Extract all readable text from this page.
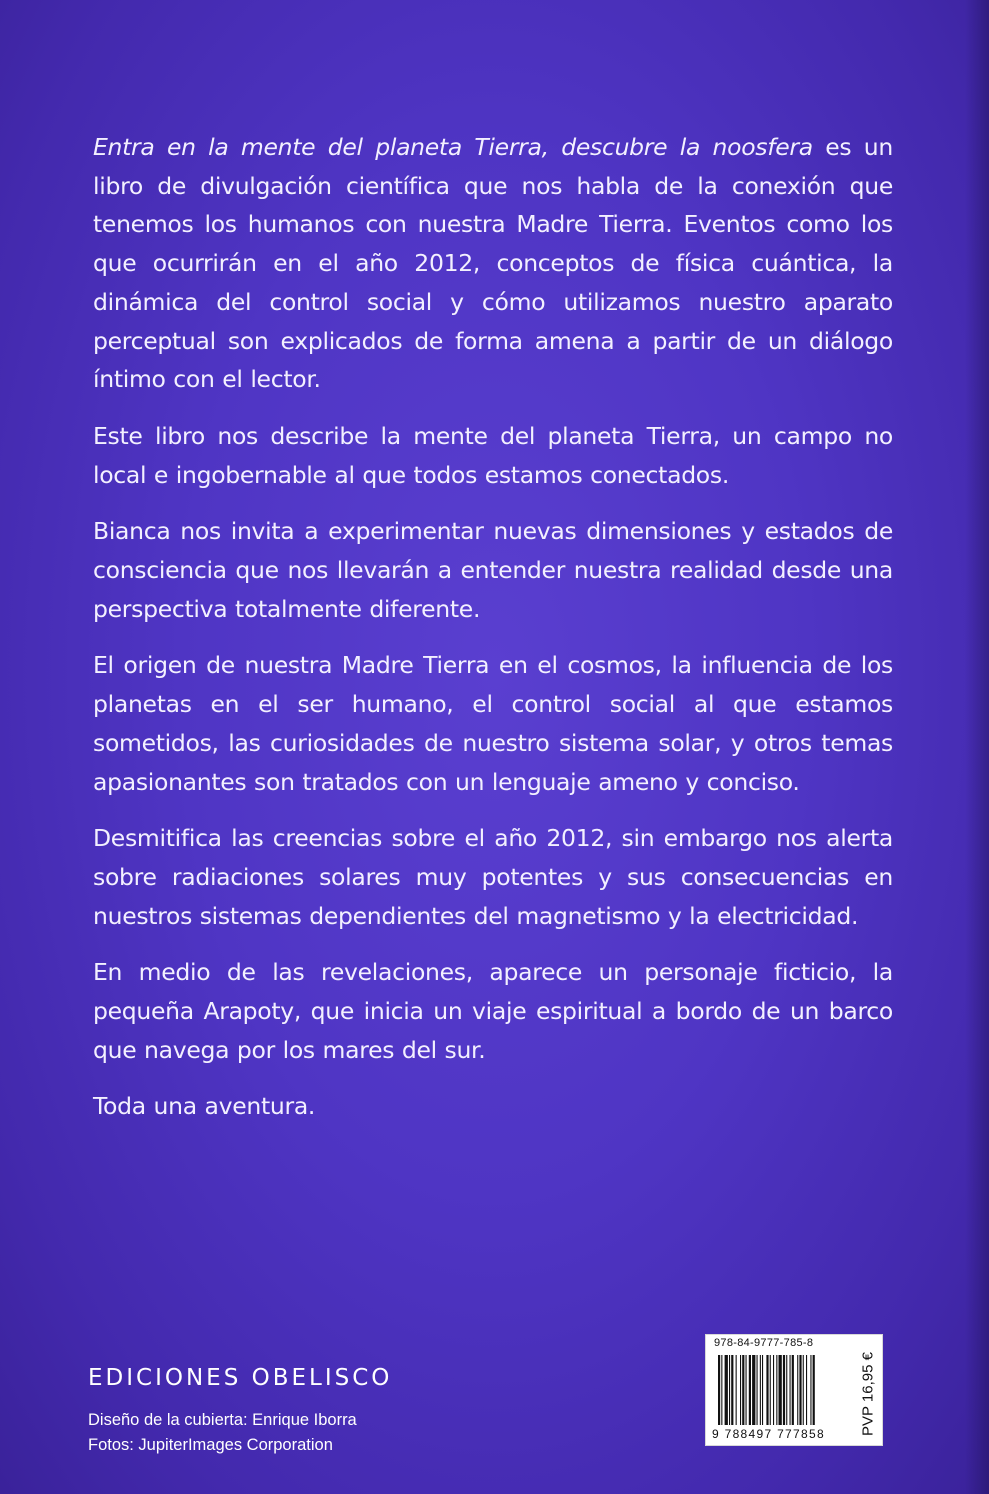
Entra en la mente del planeta Tierra, descubre la noosfera es un libro de divulgación científica que nos habla de la conexión que tenemos los humanos con nuestra Madre Tierra. Eventos como los que ocurrirán en el año 2012, conceptos de física cuántica, la dinámica del control social y cómo utilizamos nuestro aparato perceptual son explicados de forma amena a partir de un diálogo íntimo con el lector.

Este libro nos describe la mente del planeta Tierra, un campo no local e ingobernable al que todos estamos conectados.

Bianca nos invita a experimentar nuevas dimensiones y estados de consciencia que nos llevarán a entender nuestra realidad desde una perspectiva totalmente diferente.

El origen de nuestra Madre Tierra en el cosmos, la influencia de los planetas en el ser humano, el control social al que estamos sometidos, las curiosidades de nuestro sistema solar, y otros temas apasionantes son tratados con un lenguaje ameno y conciso.

Desmitifica las creencias sobre el año 2012, sin embargo nos alerta sobre radiaciones solares muy potentes y sus consecuencias en nuestros sistemas dependientes del magnetismo y la electricidad.

En medio de las revelaciones, aparece un personaje ficticio, la pequeña Arapoty, que inicia un viaje espiritual a bordo de un barco que navega por los mares del sur.

Toda una aventura.

EDICIONES OBELISCO
Diseño de la cubierta: Enrique Iborra
Fotos: JupiterImages Corporation
978-84-9777-785-8
9 788497 777858 PVP 16,95 €
